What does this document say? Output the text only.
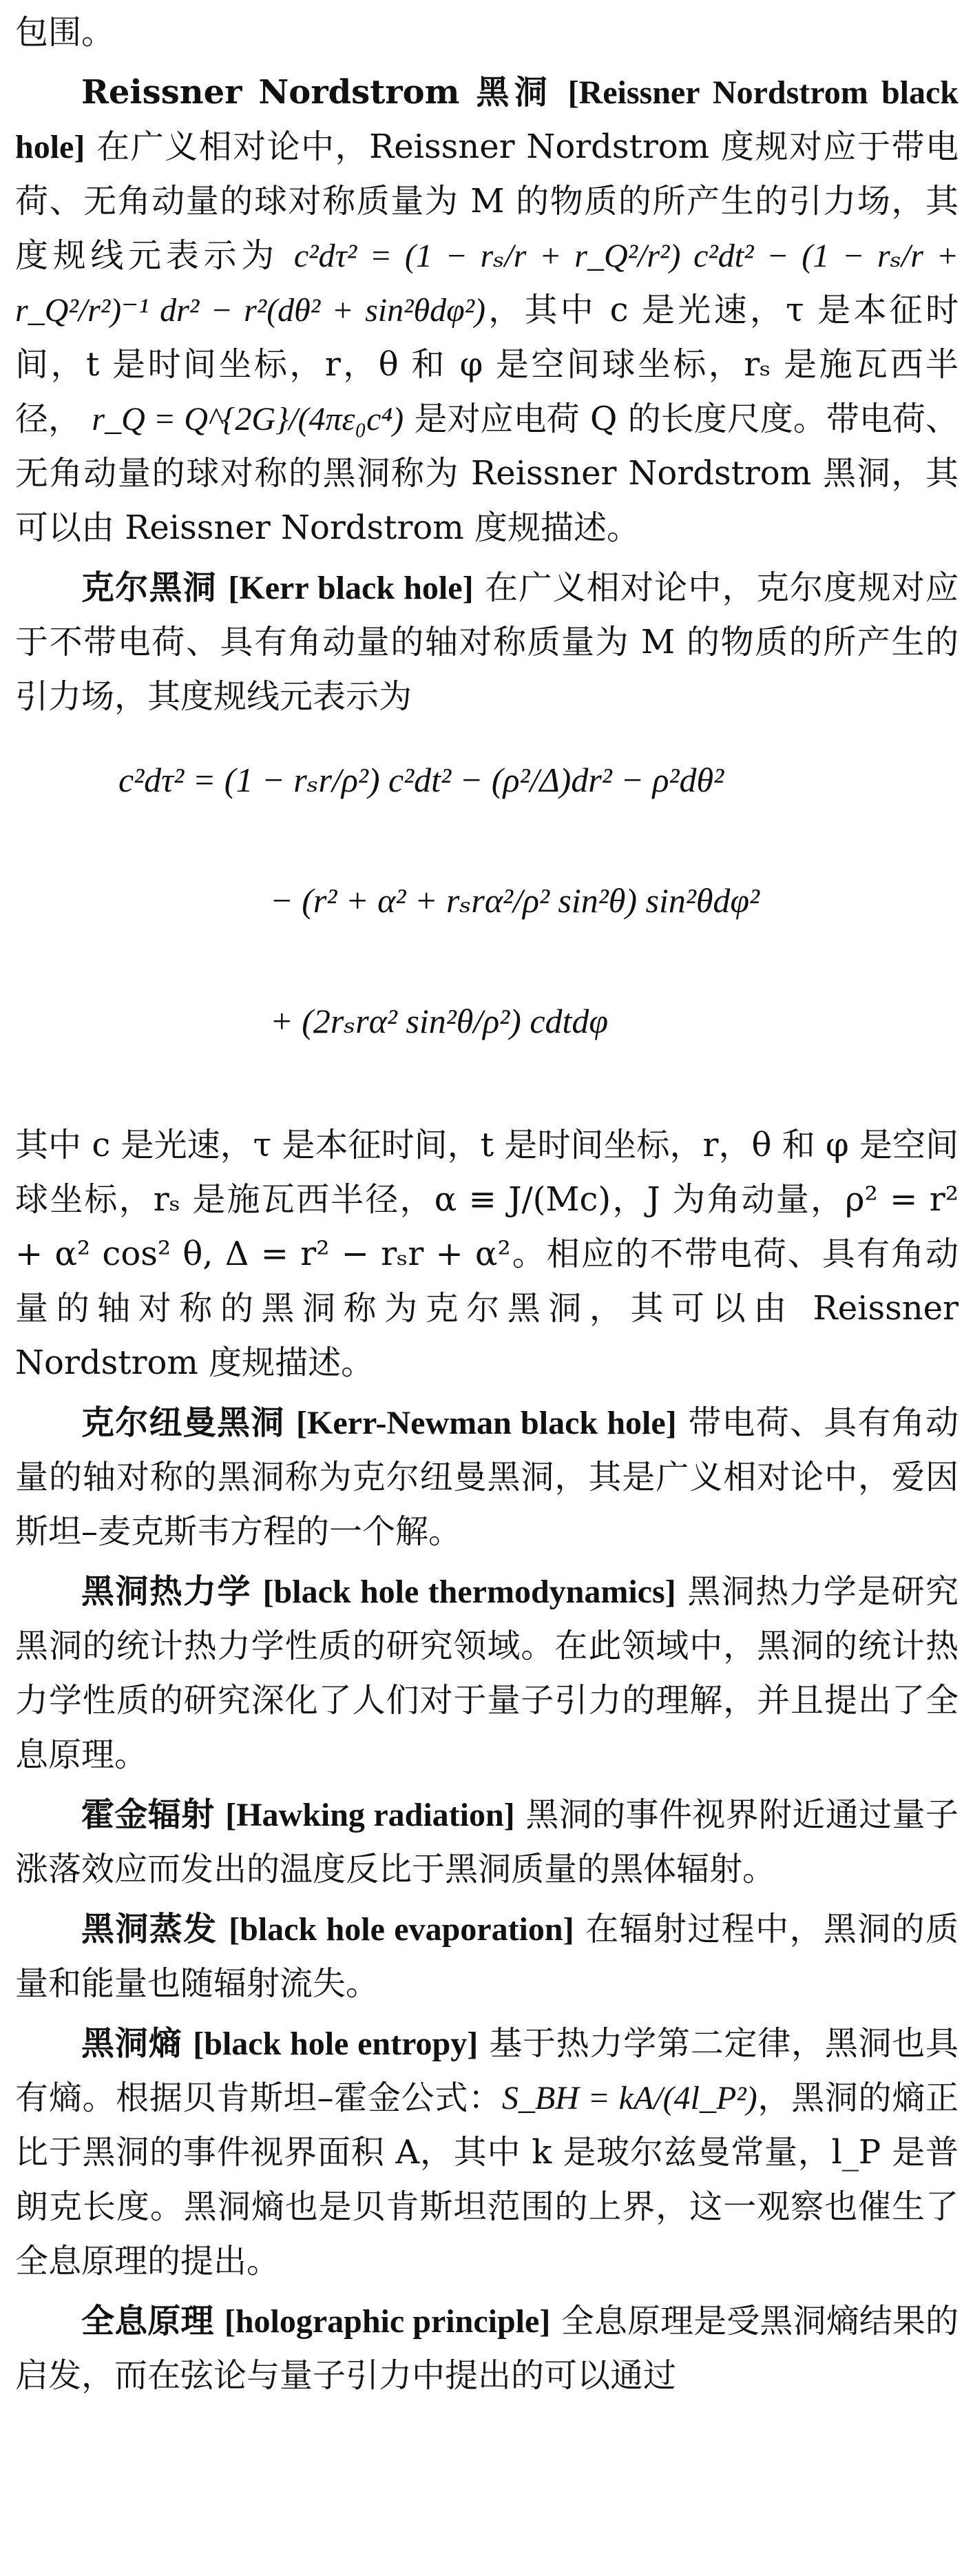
包围。

Reissner Nordstrom 黑洞 [Reissner Nordstrom black hole] 在广义相对论中，Reissner Nordstrom 度规对应于带电荷、无角动量的球对称质量为 M 的物质的所产生的引力场，其度规线元表示为 c²dτ² = (1 − rₛ/r + r_Q²/r²) c²dt² − (1 − rₛ/r + r_Q²/r²)⁻¹ dr² − r²(dθ² + sin²θdφ²)，其中 c 是光速，τ 是本征时间，t 是时间坐标，r，θ 和 φ 是空间球坐标，rₛ 是施瓦西半径， r_Q = Q^{2G}/(4πε₀c⁴) 是对应电荷 Q 的长度尺度。带电荷、无角动量的球对称的黑洞称为 Reissner Nordstrom 黑洞，其可以由 Reissner Nordstrom 度规描述。

克尔黑洞 [Kerr black hole] 在广义相对论中，克尔度规对应于不带电荷、具有角动量的轴对称质量为 M 的物质的所产生的引力场，其度规线元表示为

c²dτ² = (1 − rₛr/ρ²) c²dt² − (ρ²/Δ)dr² − ρ²dθ²
− (r² + α² + rₛrα²/ρ² sin²θ) sin²θdφ²
+ (2rₛrα² sin²θ/ρ²) cdtdφ

其中 c 是光速，τ 是本征时间，t 是时间坐标，r，θ 和 φ 是空间球坐标，rₛ 是施瓦西半径，α ≡ J/(Mc)，J 为角动量，ρ² = r² + α² cos² θ, Δ = r² − rₛr + α²。相应的不带电荷、具有角动量的轴对称的黑洞称为克尔黑洞，其可以由 Reissner Nordstrom 度规描述。

克尔纽曼黑洞 [Kerr-Newman black hole] 带电荷、具有角动量的轴对称的黑洞称为克尔纽曼黑洞，其是广义相对论中，爱因斯坦–麦克斯韦方程的一个解。

黑洞热力学 [black hole thermodynamics] 黑洞热力学是研究黑洞的统计热力学性质的研究领域。在此领域中，黑洞的统计热力学性质的研究深化了人们对于量子引力的理解，并且提出了全息原理。

霍金辐射 [Hawking radiation] 黑洞的事件视界附近通过量子涨落效应而发出的温度反比于黑洞质量的黑体辐射。

黑洞蒸发 [black hole evaporation] 在辐射过程中，黑洞的质量和能量也随辐射流失。

黑洞熵 [black hole entropy] 基于热力学第二定律，黑洞也具有熵。根据贝肯斯坦–霍金公式：S_BH = kA/(4l_P²)，黑洞的熵正比于黑洞的事件视界面积 A，其中 k 是玻尔兹曼常量，l_P 是普朗克长度。黑洞熵也是贝肯斯坦范围的上界，这一观察也催生了全息原理的提出。

全息原理 [holographic principle] 全息原理是受黑洞熵结果的启发，而在弦论与量子引力中提出的可以通过
